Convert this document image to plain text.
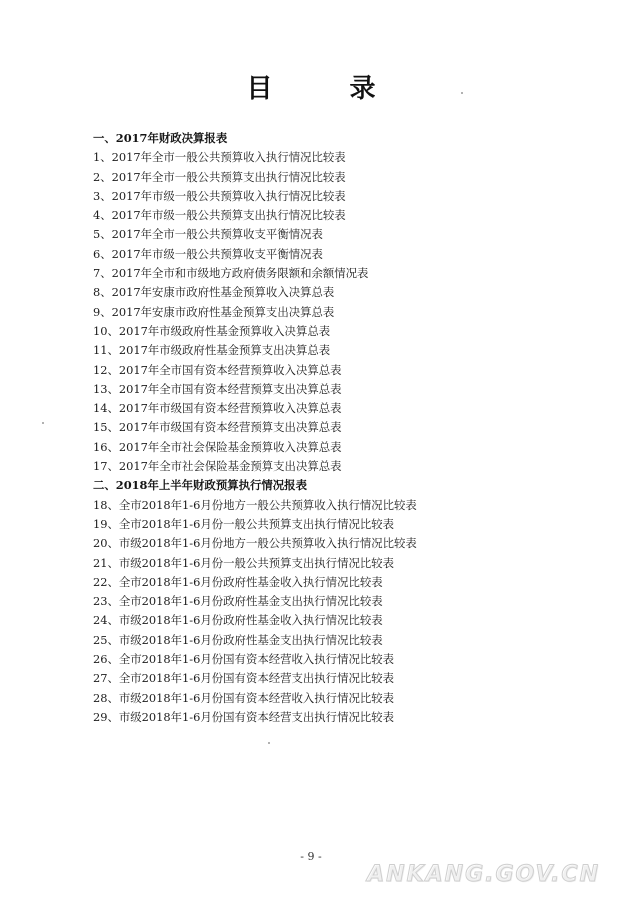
目 录
一、2017年财政决算报表
1、2017年全市一般公共预算收入执行情况比较表
2、2017年全市一般公共预算支出执行情况比较表
3、2017年市级一般公共预算收入执行情况比较表
4、2017年市级一般公共预算支出执行情况比较表
5、2017年全市一般公共预算收支平衡情况表
6、2017年市级一般公共预算收支平衡情况表
7、2017年全市和市级地方政府债务限额和余额情况表
8、2017年安康市政府性基金预算收入决算总表
9、2017年安康市政府性基金预算支出决算总表
10、2017年市级政府性基金预算收入决算总表
11、2017年市级政府性基金预算支出决算总表
12、2017年全市国有资本经营预算收入决算总表
13、2017年全市国有资本经营预算支出决算总表
14、2017年市级国有资本经营预算收入决算总表
15、2017年市级国有资本经营预算支出决算总表
16、2017年全市社会保险基金预算收入决算总表
17、2017年全市社会保险基金预算支出决算总表
二、2018年上半年财政预算执行情况报表
18、全市2018年1-6月份地方一般公共预算收入执行情况比较表
19、全市2018年1-6月份一般公共预算支出执行情况比较表
20、市级2018年1-6月份地方一般公共预算收入执行情况比较表
21、市级2018年1-6月份一般公共预算支出执行情况比较表
22、全市2018年1-6月份政府性基金收入执行情况比较表
23、全市2018年1-6月份政府性基金支出执行情况比较表
24、市级2018年1-6月份政府性基金收入执行情况比较表
25、市级2018年1-6月份政府性基金支出执行情况比较表
26、全市2018年1-6月份国有资本经营收入执行情况比较表
27、全市2018年1-6月份国有资本经营支出执行情况比较表
28、市级2018年1-6月份国有资本经营收入执行情况比较表
29、市级2018年1-6月份国有资本经营支出执行情况比较表
- 9 -
ANKANG.GOV.CN
